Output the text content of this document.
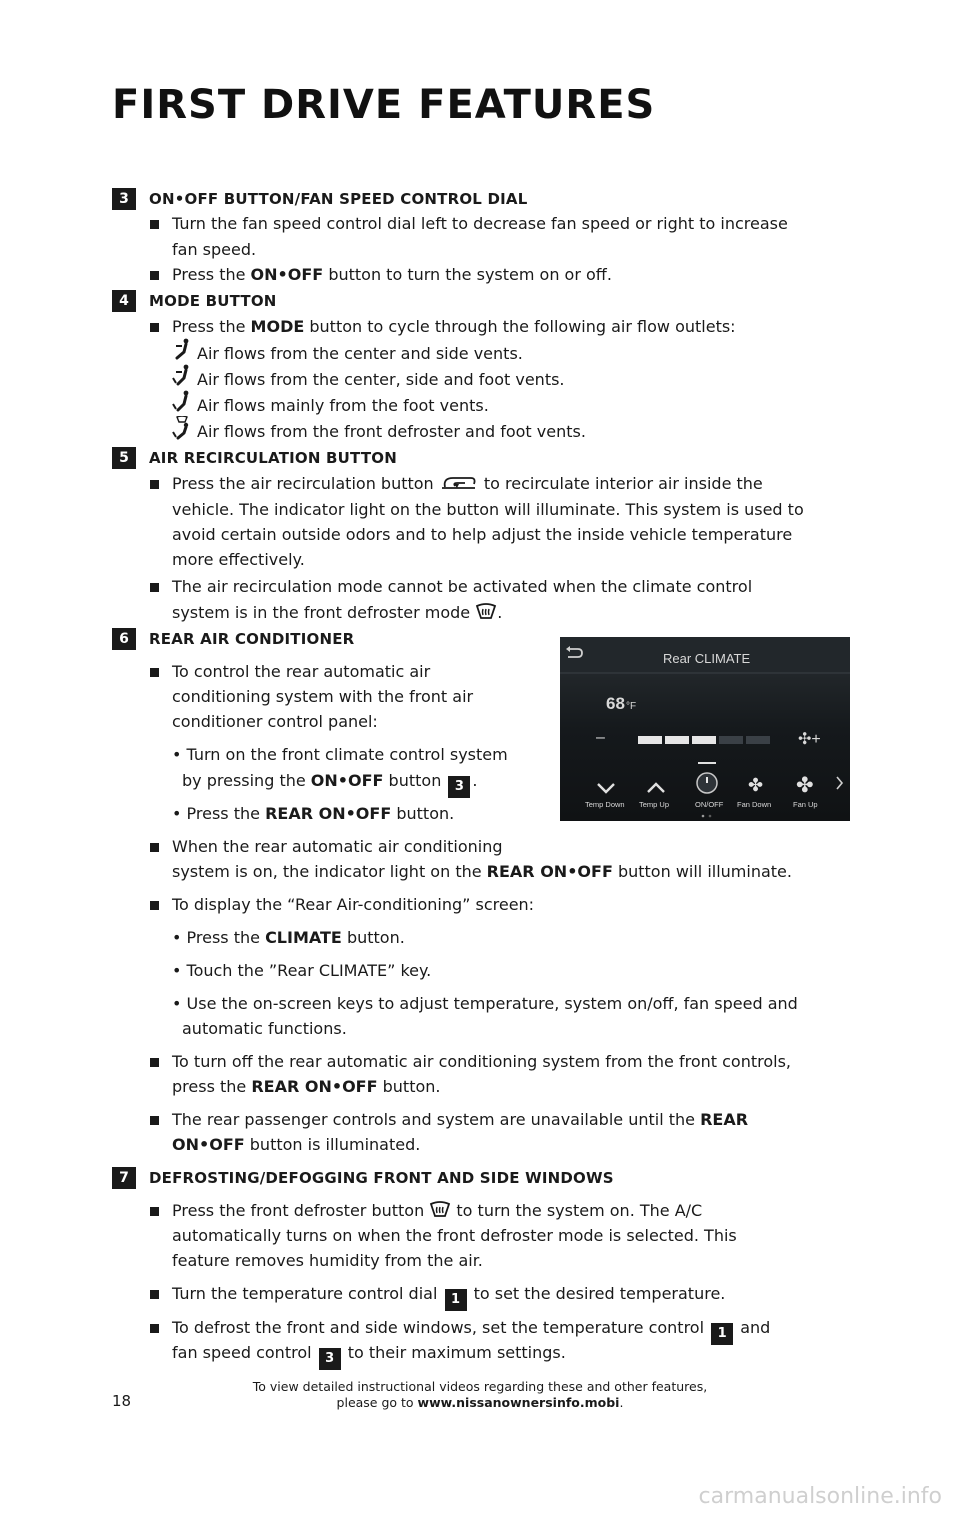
FIRST DRIVE FEATURES
3	ON•OFF BUTTON/FAN SPEED CONTROL DIAL
Turn the fan speed control dial left to decrease fan speed or right to increase
fan speed.
Press the ON•OFF button to turn the system on or off.
4	MODE BUTTON
Press the MODE button to cycle through the following air flow outlets:
Air flows from the center and side vents.
Air flows from the center, side and foot vents.
Air flows mainly from the foot vents.
Air flows from the front defroster and foot vents.
5	AIR RECIRCULATION BUTTON
Press the air recirculation button	to recirculate interior air inside the
vehicle. The indicator light on the button will illuminate. This system is used to
avoid certain outside odors and to help adjust the inside vehicle temperature
more effectively.
The air recirculation mode cannot be activated when the climate control
system is in the front defroster mode .
6	REAR AIR CONDITIONER
To control the rear automatic air
conditioning system with the front air
conditioner control panel:
• Turn on the front climate control system
by pressing the ON•OFF button 3 .
• Press the REAR ON•OFF button.
When the rear automatic air conditioning
system is on, the indicator light on the REAR ON•OFF button will illuminate.
To display the “Rear Air-conditioning” screen:
• Press the CLIMATE button.
• Touch the ”Rear CLIMATE” key.
• Use the on-screen keys to adjust temperature, system on/off, fan speed and
automatic functions.
To turn off the rear automatic air conditioning system from the front controls,
press the REAR ON•OFF button.
The rear passenger controls and system are unavailable until the REAR
ON•OFF button is illuminated.
Rear CLIMATE
68 °F
–	✣+
Temp Down Temp Up	ON/OFF
✤
Fan Down
✤
Fan Up
7	DEFROSTING/DEFOGGING FRONT AND SIDE WINDOWS
Press the front defroster button  to turn the system on. The A/C
automatically turns on when the front defroster mode is selected. This
feature removes humidity from the air.
Turn the temperature control dial 1 to set the desired temperature.
To defrost the front and side windows, set the temperature control 1 and
fan speed control 3 to their maximum settings.
18
To view detailed instructional videos regarding these and other features,
please go to www.nissanownersinfo.mobi.
carmanualsonline.info
